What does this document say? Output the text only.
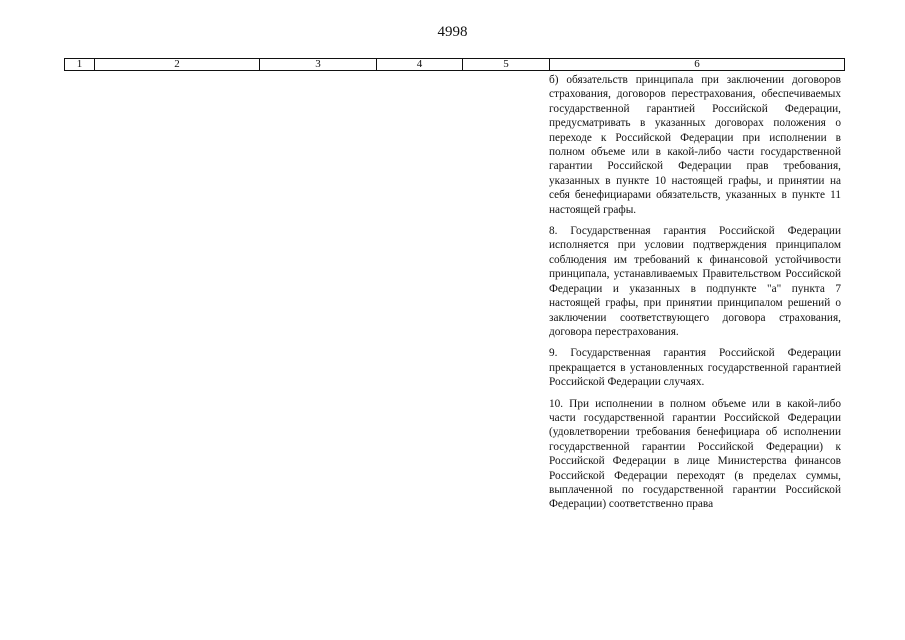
4998
1	2	3	4	5	6

б) обязательств принципала при заключении договоров страхования, договоров перестрахования, обеспечиваемых государственной гарантией Российской Федерации, предусматривать в указанных договорах положения о переходе к Российской Федерации при исполнении в полном объеме или в какой-либо части государственной гарантии Российской Федерации прав требования, указанных в пункте 10 настоящей графы, и принятии на себя бенефициарами обязательств, указанных в пункте 11 настоящей графы.

8. Государственная гарантия Российской Федерации исполняется при условии подтверждения принципалом соблюдения им требований к финансовой устойчивости принципала, устанавливаемых Правительством Российской Федерации и указанных в подпункте "а" пункта 7 настоящей графы, при принятии принципалом решений о заключении соответствующего договора страхования, договора перестрахования.

9. Государственная гарантия Российской Федерации прекращается в установленных государственной гарантией Российской Федерации случаях.

10. При исполнении в полном объеме или в какой-либо части государственной гарантии Российской Федерации (удовлетворении требования бенефициара об исполнении государственной гарантии Российской Федерации) к Российской Федерации в лице Министерства финансов Российской Федерации переходят (в пределах суммы, выплаченной по государственной гарантии Российской Федерации) соответственно права
